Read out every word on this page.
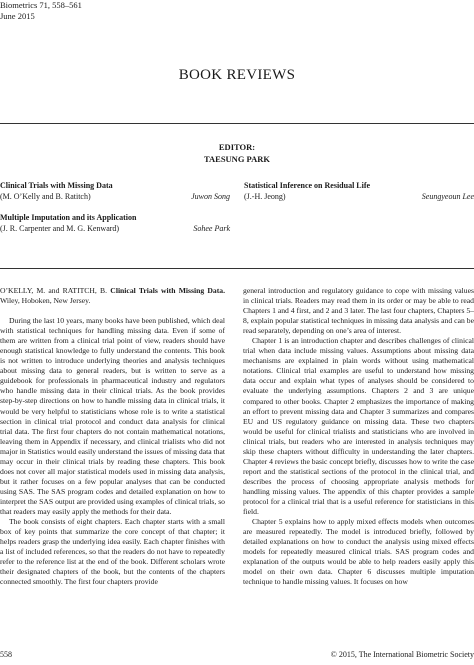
Biometrics 71, 558–561
June 2015
BOOK REVIEWS
EDITOR:
TAESUNG PARK
Clinical Trials with Missing Data
(M. O’Kelly and B. Ratitch)	Juwon Song
Multiple Imputation and its Application
(J. R. Carpenter and M. G. Kenward)	Sohee Park
Statistical Inference on Residual Life
(J.-H. Jeong)	Seungyeoun Lee

O’KELLY, M. and RATITCH, B. Clinical Trials with Missing Data. Wiley, Hoboken, New Jersey.

During the last 10 years, many books have been published, which deal with statistical techniques for handling missing data. Even if some of them are written from a clinical trial point of view, readers should have enough statistical knowledge to fully understand the contents. This book is not written to introduce underlying theories and analysis techniques about missing data to general readers, but is written to serve as a guidebook for professionals in pharmaceutical industry and regulators who handle missing data in their clinical trials. As the book provides step-by-step directions on how to handle missing data in clinical trials, it would be very helpful to statisticians whose role is to write a statistical section in clinical trial protocol and conduct data analysis for clinical trial data. The first four chapters do not contain mathematical notations, leaving them in Appendix if necessary, and clinical trialists who did not major in Statistics would easily understand the issues of missing data that may occur in their clinical trials by reading these chapters. This book does not cover all major statistical models used in missing data analysis, but it rather focuses on a few popular analyses that can be conducted using SAS. The SAS program codes and detailed explanation on how to interpret the SAS output are provided using examples of clinical trials, so that readers may easily apply the methods for their data.

The book consists of eight chapters. Each chapter starts with a small box of key points that summarize the core concept of that chapter; it helps readers grasp the underlying idea easily. Each chapter finishes with a list of included references, so that the readers do not have to repeatedly refer to the reference list at the end of the book. Different scholars wrote their designated chapters of the book, but the contents of the chapters connected smoothly. The first four chapters provide

general introduction and regulatory guidance to cope with missing values in clinical trials. Readers may read them in its order or may be able to read Chapters 1 and 4 first, and 2 and 3 later. The last four chapters, Chapters 5–8, explain popular statistical techniques in missing data analysis and can be read separately, depending on one’s area of interest.

Chapter 1 is an introduction chapter and describes challenges of clinical trial when data include missing values. Assumptions about missing data mechanisms are explained in plain words without using mathematical notations. Clinical trial examples are useful to understand how missing data occur and explain what types of analyses should be considered to evaluate the underlying assumptions. Chapters 2 and 3 are unique compared to other books. Chapter 2 emphasizes the importance of making an effort to prevent missing data and Chapter 3 summarizes and compares EU and US regulatory guidance on missing data. These two chapters would be useful for clinical trialists and statisticians who are involved in clinical trials, but readers who are interested in analysis techniques may skip these chapters without difficulty in understanding the later chapters. Chapter 4 reviews the basic concept briefly, discusses how to write the case report and the statistical sections of the protocol in the clinical trial, and describes the process of choosing appropriate analysis methods for handling missing values. The appendix of this chapter provides a sample protocol for a clinical trial that is a useful reference for statisticians in this field.

Chapter 5 explains how to apply mixed effects models when outcomes are measured repeatedly. The model is introduced briefly, followed by detailed explanations on how to conduct the analysis using mixed effects models for repeatedly measured clinical trials. SAS program codes and explanation of the outputs would be able to help readers easily apply this model on their own data. Chapter 6 discusses multiple imputation technique to handle missing values. It focuses on how

558	© 2015, The International Biometric Society
